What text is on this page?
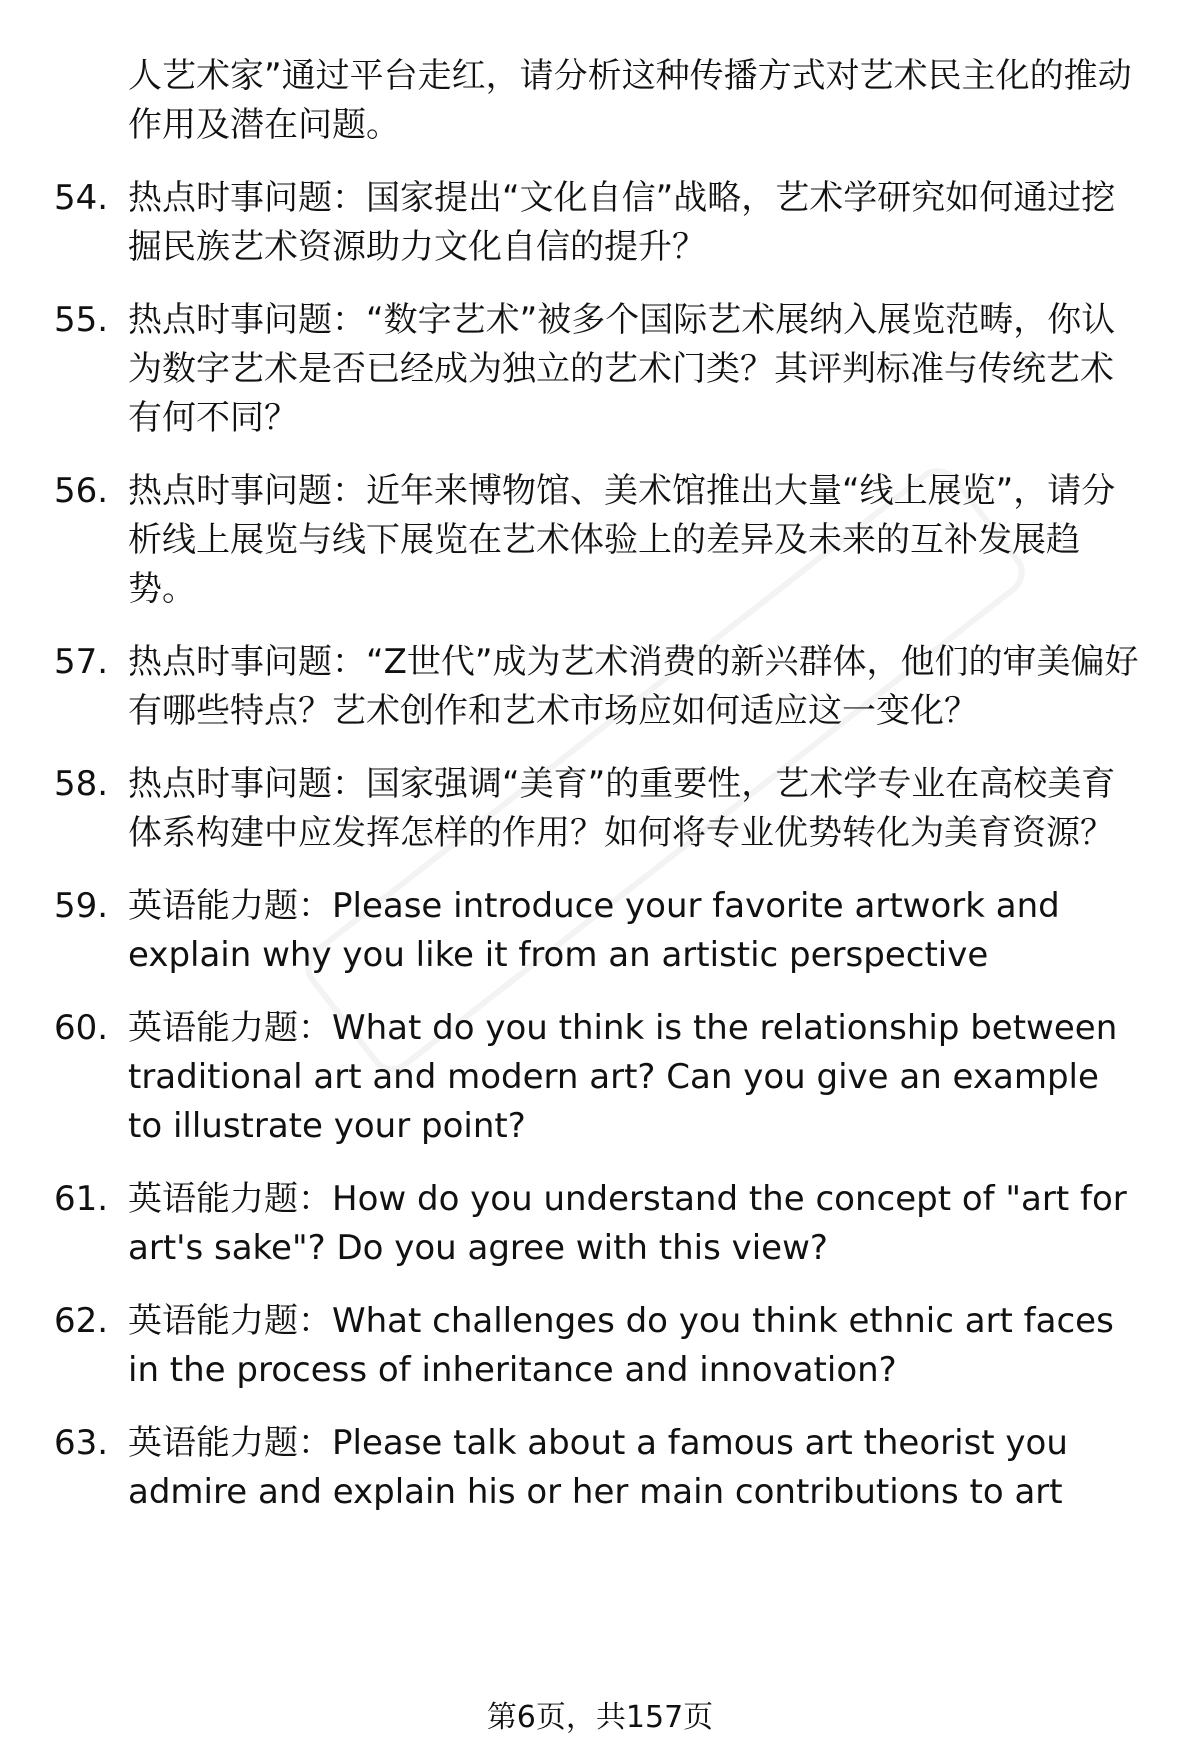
人艺术家”通过平台走红，请分析这种传播方式对艺术民主化的推动作用及潜在问题。
54. 热点时事问题：国家提出“文化自信”战略，艺术学研究如何通过挖掘民族艺术资源助力文化自信的提升？
55. 热点时事问题：“数字艺术”被多个国际艺术展纳入展览范畴，你认为数字艺术是否已经成为独立的艺术门类？其评判标准与传统艺术有何不同？
56. 热点时事问题：近年来博物馆、美术馆推出大量“线上展览”，请分析线上展览与线下展览在艺术体验上的差异及未来的互补发展趋势。
57. 热点时事问题：“Z世代”成为艺术消费的新兴群体，他们的审美偏好有哪些特点？艺术创作和艺术市场应如何适应这一变化？
58. 热点时事问题：国家强调“美育”的重要性，艺术学专业在高校美育体系构建中应发挥怎样的作用？如何将专业优势转化为美育资源？
59. 英语能力题：Please introduce your favorite artwork and explain why you like it from an artistic perspective
60. 英语能力题：What do you think is the relationship between traditional art and modern art? Can you give an example to illustrate your point?
61. 英语能力题：How do you understand the concept of "art for art's sake"? Do you agree with this view?
62. 英语能力题：What challenges do you think ethnic art faces in the process of inheritance and innovation?
63. 英语能力题：Please talk about a famous art theorist you admire and explain his or her main contributions to art
第6页，共157页
